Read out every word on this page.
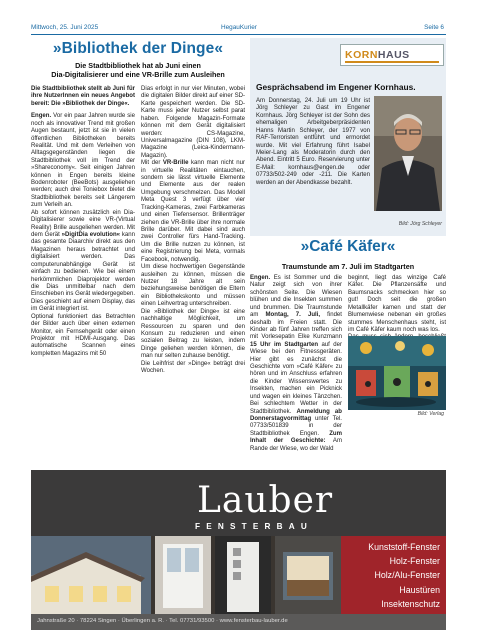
Mittwoch, 25. Juni 2025	HegauKurier	Seite 6
»Bibliothek der Dinge«
Die Stadtbibliothek hat ab Juni einen
Dia-Digitalisierer und eine VR-Brille zum Ausleihen

Die Stadtbibliothek stellt ab Juni für ihre NutzerInnen ein neues Angebot bereit: Die »Bibliothek der Dinge«.

Engen. Vor ein paar Jahren wurde sie noch als innovativer Trend mit großen Augen bestaunt, jetzt ist sie in vielen öffentlichen Bibliotheken bereits Realität. Und mit dem Verleihen von Alltagsgegenständen liegen die Stadtbibliothek voll im Trend der »Shareconomy«. Seit einigen Jahren können in Engen bereits kleine Bodenroboter (BeeBots) ausgeliehen werden; auch drei Toniebox bietet die Stadtbibliothek bereits seit Längerem zum Verleih an.

Ab sofort können zusätzlich ein Dia-Digitalisierer sowie eine VR-(Virtual Reality) Brille ausgeliehen werden. Mit dem Gerät »DigitDia evolution« kann das gesamte Diaarchiv direkt aus den Magazinen heraus betrachtet und digitalisiert werden. Das computerunabhängige Gerät ist einfach zu bedienen. Wie bei einem herkömmlichen Diaprojektor werden die Dias unmittelbar nach dem Einschieben ins Gerät wiedergegeben. Dies geschieht auf einem Display, das im Gerät integriert ist.

Optional funktioniert das Betrachten der Bilder auch über einen externen Monitor, ein Fernsehgerät oder einen Projektor mit HDMI-Ausgang. Das automatische Scannen eines kompletten Magazins mit 50

Dias erfolgt in nur vier Minuten, wobei die digitalen Bilder direkt auf einer SD-Karte gespeichert werden. Die SD-Karte muss jeder Nutzer selbst parat haben. Folgende Magazin-Formate können mit dem Gerät digitalisiert werden: CS-Magazine, Universalmagazine (DIN 108), LKM-Magazine (Leica-Kindermann-Magazin).

Mit der VR-Brille kann man nicht nur in virtuelle Realitäten eintauchen, sondern sie lässt virtuelle Elemente und Elemente aus der realen Umgebung verschmelzen. Das Modell Meta Quest 3 verfügt über vier Tracking-Kameras, zwei Farbkameras und einen Tiefensensor. Brillenträger ziehen die VR-Brille über ihre normale Brille darüber. Mit dabei sind auch zwei Controller fürs Hand-Tracking. Um die Brille nutzen zu können, ist eine Registrierung bei Meta, vormals Facebook, notwendig.

Um diese hochwertigen Gegenstände ausleihen zu können, müssen die Nutzer 18 Jahre alt sein beziehungsweise benötigen die Eltern ein Bibliothekskonto und müssen einen Leihvertrag unterschreiben.

Die »Bibliothek der Dinge« ist eine nachhaltige Möglichkeit, um Ressourcen zu sparen und den Konsum zu reduzieren und einen sozialen Beitrag zu leisten, indem Dinge geliehen werden können, die man nur selten zuhause benötigt.

Die Leihfrist der »Dinge« beträgt drei Wochen.

KORNHAUS
Gesprächsabend im Engener Kornhaus.
Am Donnerstag, 24. Juli um 19 Uhr ist Jörg Schleyer zu Gast im Engener Kornhaus. Jörg Schleyer ist der Sohn des ehemaligen Arbeitgeberpräsidenten Hanns Martin Schleyer, der 1977 von RAF-Terroristen entführt und ermordet wurde. Mit viel Erfahrung führt Isabel Meier-Lang als Moderatorin durch den Abend. Eintritt 5 Euro. Reservierung unter E-Mail: kornhaus@engen.de oder 07733/502-249 oder -211. Die Karten werden an der Abendkasse bezahlt.
Bild: Jörg Schleyer
»Café Käfer«
Traumstunde am 7. Juli im Stadtgarten

Engen. Es ist Sommer und die Natur zeigt sich von ihrer schönsten Seite. Die Wiesen blühen und die Insekten summen und brummen. Die Traumstunde am Montag, 7. Juli, findet deshalb im Freien statt. Die Kinder ab fünf Jahren treffen sich mit Vorlesepatin Elke Kunzmann 15 Uhr im Stadtgarten auf der Wiese bei den Fitnessgeräten. Hier gibt es zunächst die Geschichte vom »Café Käfer« zu hören und im Anschluss erfahren die Kinder Wissenswertes zu Insekten, machen ein Picknick und wagen ein kleines Tänzchen. Bei schlechtem Wetter in der Stadtbibliothek. Anmeldung ab Donnerstagvormittag unter Tel. 07733/501839 in der Stadtbibliothek Engen. Zum Inhalt der Geschichte: Am Rande der Wiese, wo der Wald

beginnt, liegt das winzige Café Käfer. Die Pflanzensäfte und Baumsnacks schmecken hier so gut! Doch seit die großen Metallkäfer kamen und statt der Blumenwiese nebenan ein großes stummes Menschenhaus steht, ist im Café Käfer kaum noch was los.

Bild: Verlag
Lauber
FENSTERBAU
Kunststoff-Fenster
Holz-Fenster
Holz/Alu-Fenster
Haustüren
Insektenschutz
Jahnstraße 20 · 78224 Singen · Überlingen a. R. · Tel. 07731/93500 · www.fensterbau-lauber.de
